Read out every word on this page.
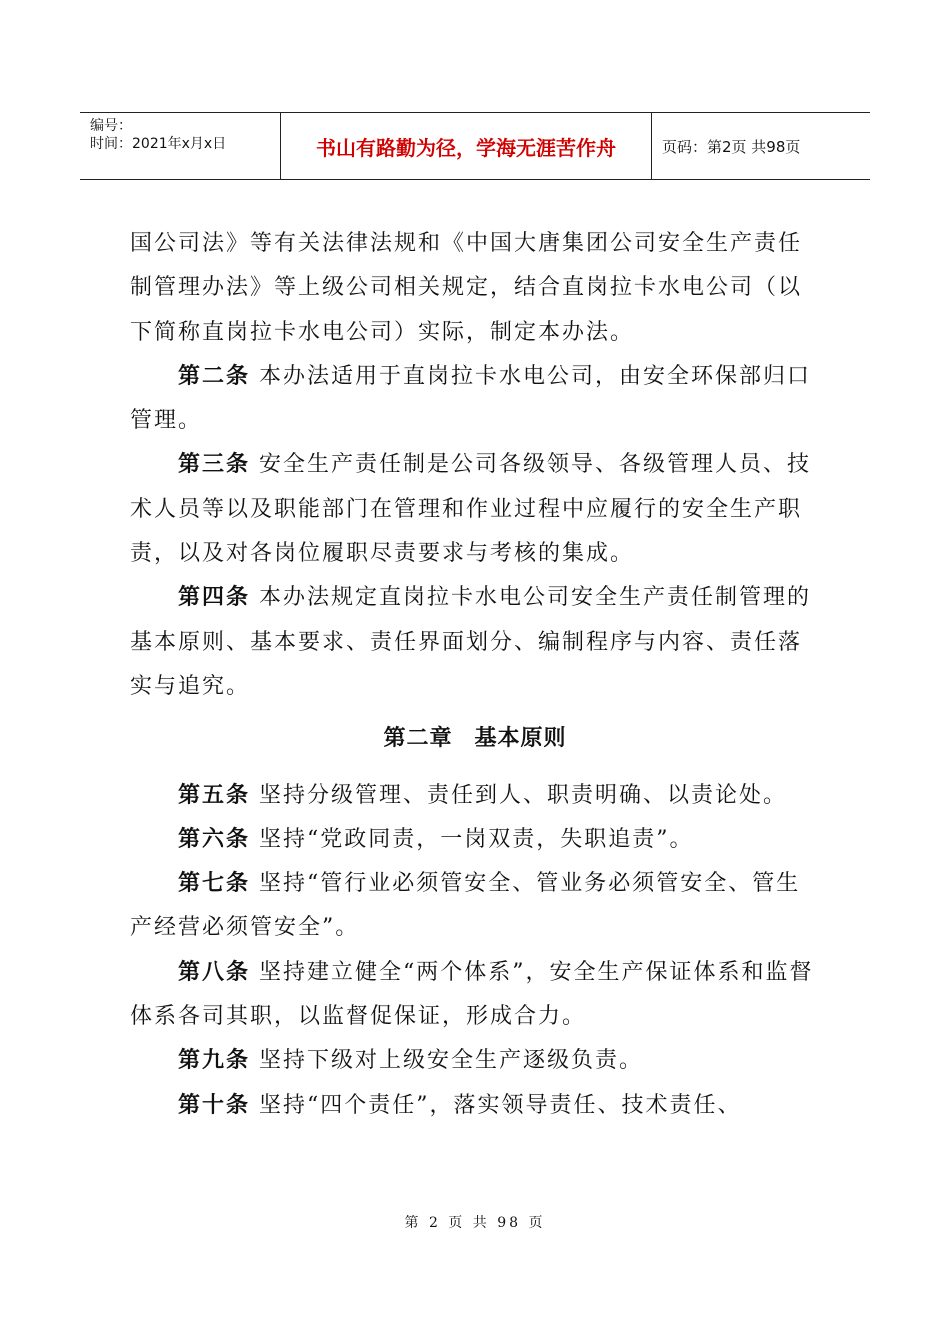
编号：
时间：2021年x月x日	书山有路勤为径，学海无涯苦作舟	页码：第2页 共98页

国公司法》等有关法律法规和《中国大唐集团公司安全生产责任制管理办法》等上级公司相关规定，结合直岗拉卡水电公司（以下简称直岗拉卡水电公司）实际，制定本办法。

第二条 本办法适用于直岗拉卡水电公司，由安全环保部归口管理。

第三条 安全生产责任制是公司各级领导、各级管理人员、技术人员等以及职能部门在管理和作业过程中应履行的安全生产职责，以及对各岗位履职尽责要求与考核的集成。

第四条 本办法规定直岗拉卡水电公司安全生产责任制管理的基本原则、基本要求、责任界面划分、编制程序与内容、责任落实与追究。

第二章 基本原则

第五条 坚持分级管理、责任到人、职责明确、以责论处。

第六条 坚持“党政同责，一岗双责，失职追责”。

第七条 坚持“管行业必须管安全、管业务必须管安全、管生产经营必须管安全”。

第八条 坚持建立健全“两个体系”，安全生产保证体系和监督体系各司其职，以监督促保证，形成合力。

第九条 坚持下级对上级安全生产逐级负责。

第十条 坚持“四个责任”，落实领导责任、技术责任、

第 2 页 共 98 页
